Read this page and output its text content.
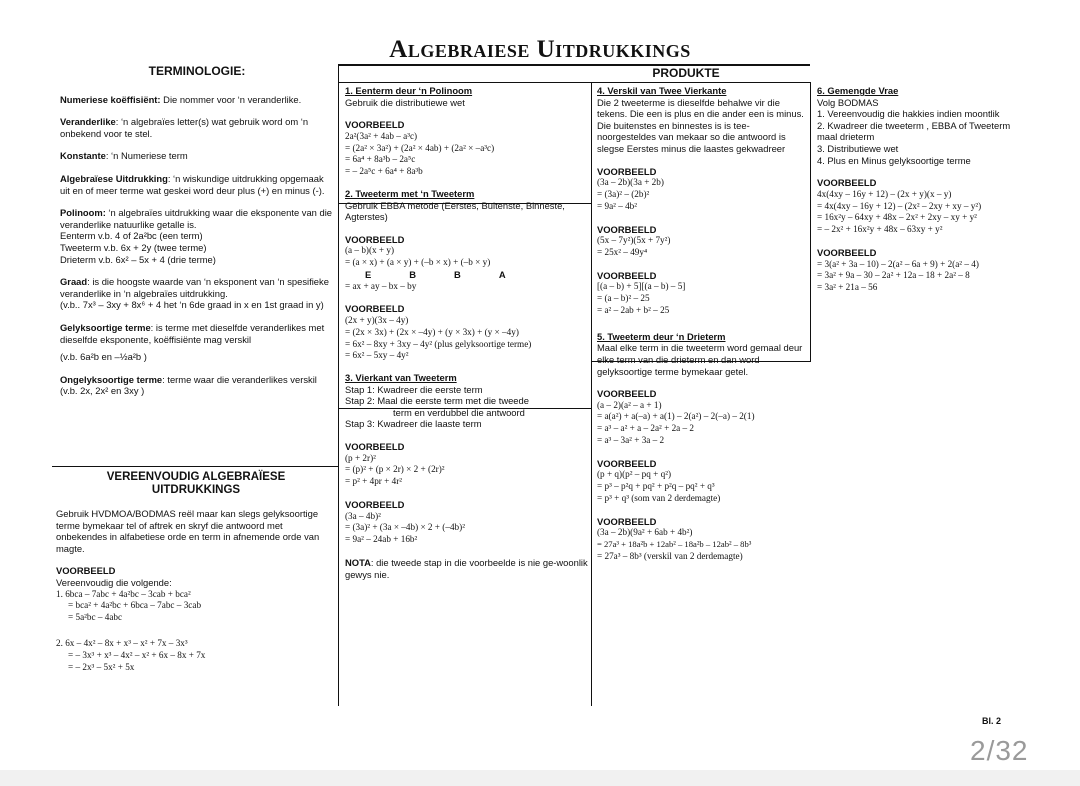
Algebraiese Uitdrukkings
TERMINOLOGIE:

Numeriese koëffisiënt: Die nommer voor ‘n veranderlike.

Veranderlike: ‘n algebraïes letter(s) wat gebruik word om ‘n onbekend voor te stel.

Konstante: ‘n Numeriese term

Algebraïese Uitdrukking: ‘n wiskundige uitdrukking opgemaak uit en of meer terme wat geskei word deur plus (+) en minus (-).

Polinoom: ‘n algebraïes uitdrukking waar die eksponente van die veranderlike natuurlike getalle is.

Eenterm v.b. 4 of 2a²bc (een term)

Tweeterm v.b. 6x + 2y (twee terme)

Drieterm v.b. 6x² – 5x + 4 (drie terme)

Graad: is die hoogste waarde van ‘n eksponent van ‘n spesifieke veranderlike in ‘n algebraïes uitdrukking.

(v.b.. 7x³ – 3xy + 8x⁶ + 4 het ‘n 6de graad in x en 1st graad in y)

Gelyksoortige terme: is terme met dieselfde veranderlikes met dieselfde eksponente, koëffisiënte mag verskil

(v.b. 6a²b en –½a²b )

Ongelyksoortige terme: terme waar die veranderlikes verskil (v.b. 2x, 2x² en 3xy )

VEREENVOUDIG ALGEBRAÏESE
UITDRUKKINGS

Gebruik HVDMOA/BODMAS reël maar kan slegs gelyksoortige terme bymekaar tel of aftrek en skryf die antwoord met onbekendes in alfabetiese orde en term in afnemende orde van magte.

VOORBEELD

Vereenvoudig die volgende:

1. 6bca – 7abc + 4a²bc – 3cab + bca²

= bca² + 4a²bc + 6bca – 7abc – 3cab

= 5a²bc – 4abc

2. 6x – 4x² – 8x + x³ – x² + 7x – 3x³

= – 3x³ + x³ – 4x² – x² + 6x – 8x + 7x

= – 2x³ – 5x² + 5x

PRODUKTE

1. Eenterm deur ‘n Polinoom

Gebruik die distributiewe wet

VOORBEELD

2a²(3a² + 4ab – a³c)

= (2a² × 3a²) + (2a² × 4ab) + (2a² × –a³c)

= 6a⁴ + 8a³b – 2a⁵c

= – 2a⁵c + 6a⁴ + 8a³b

2. Tweeterm met ‘n Tweeterm

Gebruik EBBA metode (Eerstes, Buitenste, Binneste, Agterstes)

VOORBEELD

(a – b)(x + y)

= (a × x) + (a × y) + (–b × x) + (–b × y)

E	B	B	A

= ax + ay – bx – by

VOORBEELD

(2x + y)(3x – 4y)

= (2x × 3x) + (2x × –4y) + (y × 3x) + (y × –4y)

= 6x² – 8xy + 3xy – 4y² (plus gelyksoortige terme)

= 6x² – 5xy – 4y²

3. Vierkant van Tweeterm

Stap 1: Kwadreer die eerste term

Stap 2: Maal die eerste term met die tweede

term en verdubbel die antwoord

Stap 3: Kwadreer die laaste term

VOORBEELD

(p + 2r)²

= (p)² + (p × 2r) × 2 + (2r)²

= p² + 4pr + 4r²

VOORBEELD

(3a – 4b)²

= (3a)² + (3a × –4b) × 2 + (–4b)²

= 9a² – 24ab + 16b²

NOTA: die tweede stap in die voorbeelde is nie ge-woonlik gewys nie.

4. Verskil van Twee Vierkante

Die 2 tweeterme is dieselfde behalwe vir die tekens. Die een is plus en die ander een is minus. Die buitenstes en binnestes is is tee-noorgesteldes van mekaar so die antwoord is slegse Eerstes minus die laastes gekwadreer

VOORBEELD

(3a – 2b)(3a + 2b)

= (3a)² – (2b)²

= 9a² – 4b²

VOORBEELD

(5x – 7y²)(5x + 7y²)

= 25x² – 49y⁴

VOORBEELD

[(a – b) + 5][(a – b) – 5]

= (a – b)² – 25

= a² – 2ab + b² – 25

5. Tweeterm deur ‘n Drieterm

Maal elke term in die tweeterm word gemaal deur elke term van die drieterm en dan word gelyksoortige terme bymekaar getel.

VOORBEELD

(a – 2)(a² – a + 1)

= a(a²) + a(–a) + a(1) – 2(a²) – 2(–a) – 2(1)

= a³ – a² + a – 2a² + 2a – 2

= a³ – 3a² + 3a – 2

VOORBEELD

(p + q)(p² – pq + q²)

= p³ – p²q + pq² + p²q – pq² + q³

= p³ + q³ (som van 2 derdemagte)

VOORBEELD

(3a – 2b)(9a² + 6ab + 4b²)

= 27a³ + 18a²b + 12ab² – 18a²b – 12ab² – 8b³

= 27a³ – 8b³ (verskil van 2 derdemagte)

6. Gemengde Vrae

Volg BODMAS

1. Vereenvoudig die hakkies indien moontlik

2. Kwadreer die tweeterm , EBBA of Tweeterm maal drieterm

3. Distributiewe wet

4. Plus en Minus gelyksoortige terme

VOORBEELD

4x(4xy – 16y + 12) – (2x + y)(x – y)

= 4x(4xy – 16y + 12) – (2x² – 2xy + xy – y²)

= 16x²y – 64xy + 48x – 2x² + 2xy – xy + y²

= – 2x² + 16x²y + 48x – 63xy + y²

VOORBEELD

= 3(a² + 3a – 10) – 2(a² – 6a + 9) + 2(a² – 4)

= 3a² + 9a – 30 – 2a² + 12a – 18 + 2a² – 8

= 3a² + 21a – 56

Bl. 2
2/32
